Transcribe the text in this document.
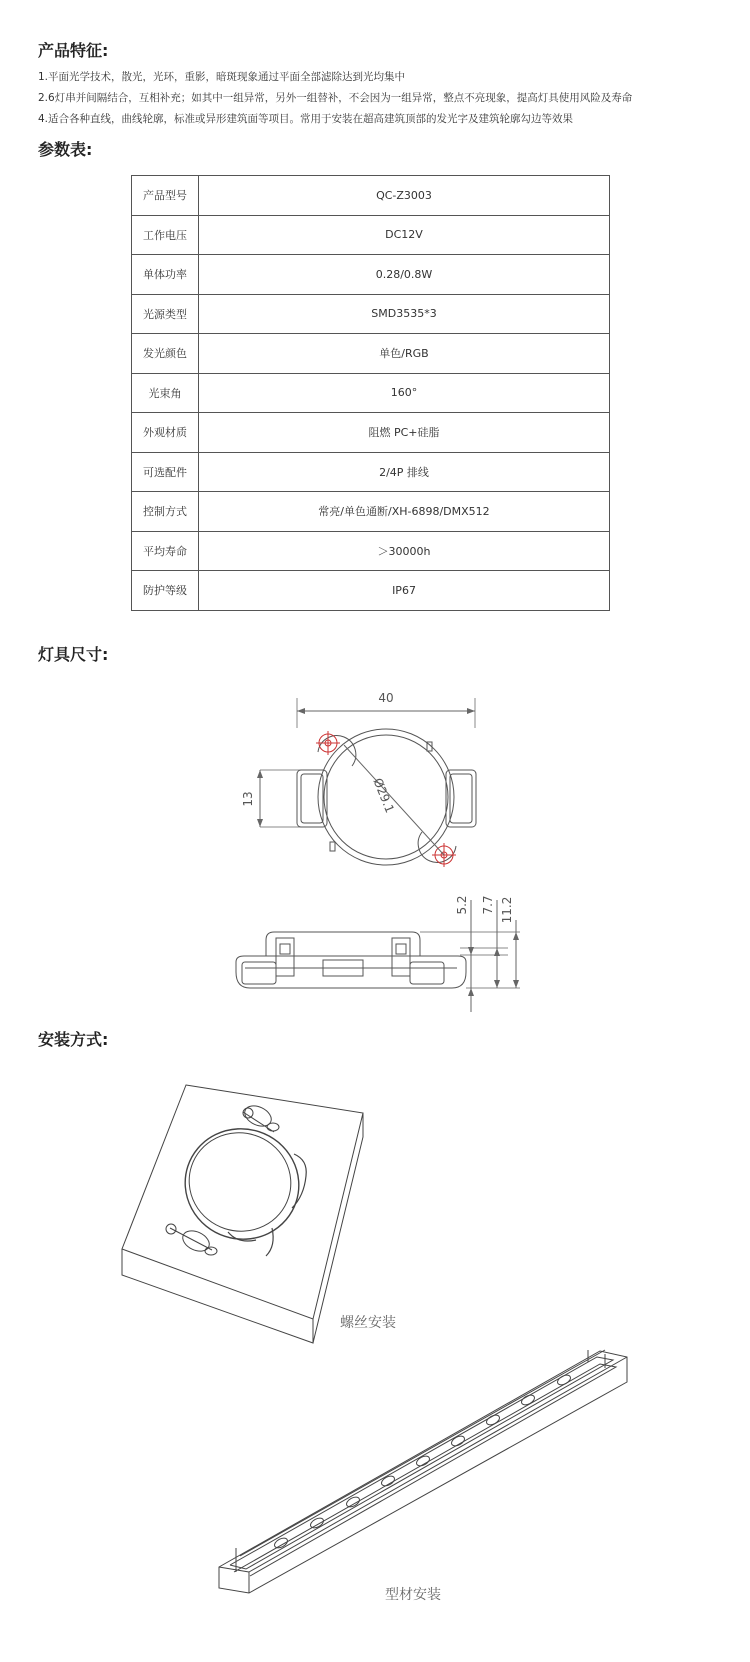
产品特征:
1.平面光学技术，散光，光环，重影，暗斑现象通过平面全部滤除达到光均集中
2.6灯串并间隔结合，互相补充；如其中一组异常，另外一组替补，不会因为一组异常，整点不亮现象，提高灯具使用风险及寿命
4.适合各种直线，曲线轮廓，标准或异形建筑面等项目。常用于安装在超高建筑顶部的发光字及建筑轮廓勾边等效果
参数表:
产品型号	QC-Z3003
工作电压	DC12V
单体功率	0.28/0.8W
光源类型	SMD3535*3
发光颜色	单色/RGB
光束角	160°
外观材质	阻燃 PC+硅脂
可选配件	2/4P 排线
控制方式	常亮/单色通断/XH-6898/DMX512
平均寿命	＞30000h
防护等级	IP67
灯具尺寸:
40
13	Ø29.1
5.2 7.7 11.2
安装方式:
螺丝安装
型材安装
